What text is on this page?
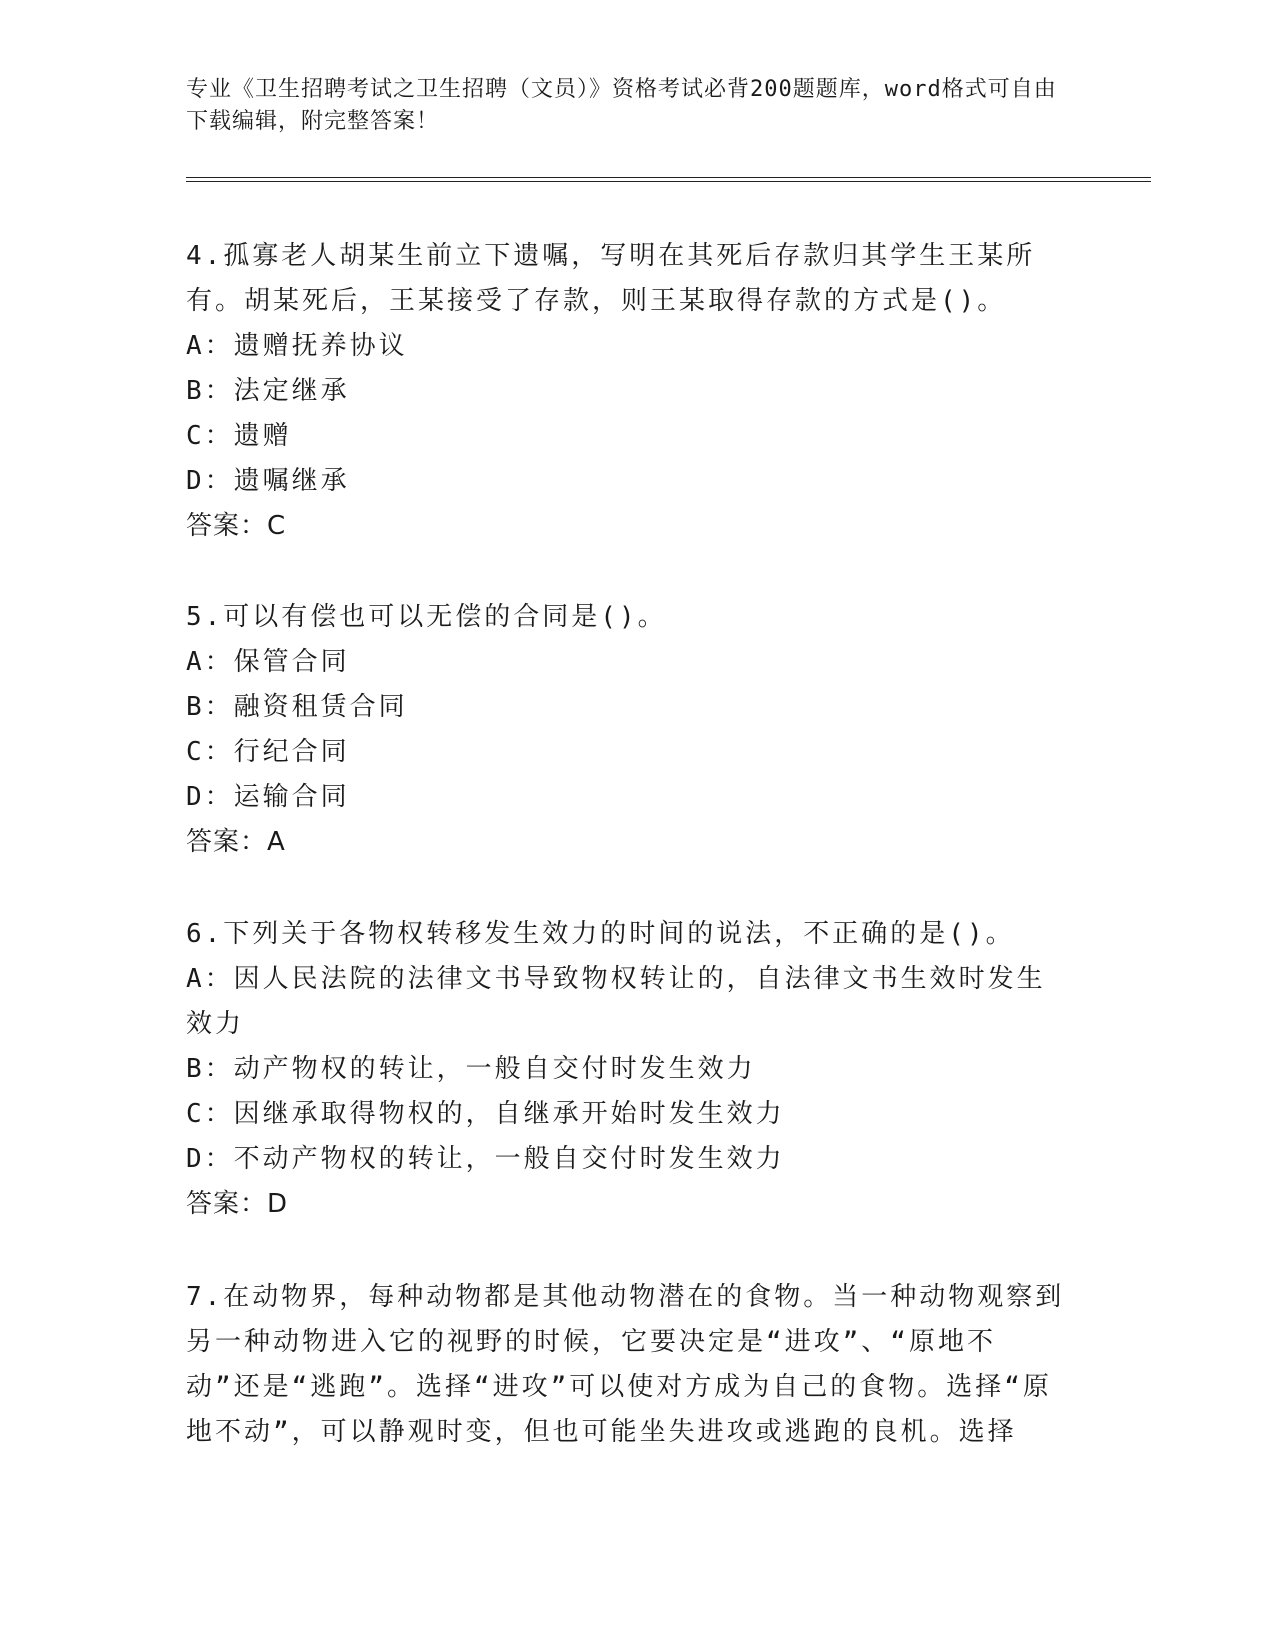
专业《卫生招聘考试之卫生招聘（文员）》资格考试必背200题题库，word格式可自由下载编辑，附完整答案！
4.孤寡老人胡某生前立下遗嘱，写明在其死后存款归其学生王某所有。胡某死后，王某接受了存款，则王某取得存款的方式是()。
A：遗赠抚养协议
B：法定继承
C：遗赠
D：遗嘱继承
答案：C
5.可以有偿也可以无偿的合同是()。
A：保管合同
B：融资租赁合同
C：行纪合同
D：运输合同
答案：A
6.下列关于各物权转移发生效力的时间的说法，不正确的是()。
A：因人民法院的法律文书导致物权转让的，自法律文书生效时发生效力
B：动产物权的转让，一般自交付时发生效力
C：因继承取得物权的，自继承开始时发生效力
D：不动产物权的转让，一般自交付时发生效力
答案：D
7.在动物界，每种动物都是其他动物潜在的食物。当一种动物观察到另一种动物进入它的视野的时候，它要决定是“进攻”、“原地不动”还是“逃跑”。选择“进攻”可以使对方成为自己的食物。选择“原地不动”，可以静观时变，但也可能坐失进攻或逃跑的良机。选择
